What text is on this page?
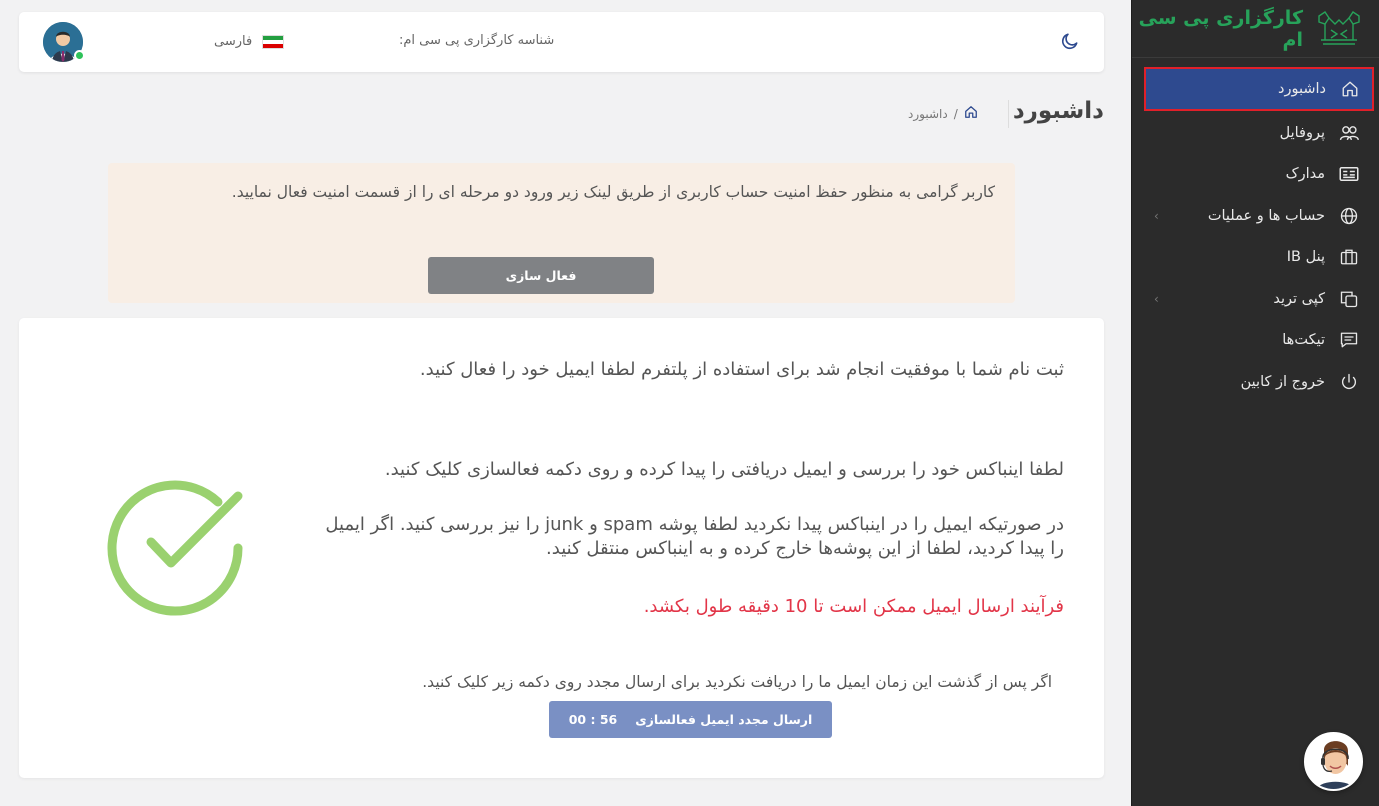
کارگزاری پی سی ام
داشبورد
پروفایل
مدارک
‹	حساب ها و عملیات
پنل IB
‹	کپی ترید
تیکت‌ها
خروج از کابین
فارسی	شناسه کارگزاری پی سی ام:
داشبورد
داشبورد /

کاربر گرامی به منظور حفظ امنیت حساب کاربری از طریق لینک زیر ورود دو مرحله ای را از قسمت امنیت فعال نمایید.

فعال سازی

ثبت نام شما با موفقیت انجام شد برای استفاده از پلتفرم لطفا ایمیل خود را فعال کنید.

لطفا اینباکس خود را بررسی و ایمیل دریافتی را پیدا کرده و روی دکمه فعالسازی کلیک کنید.

در صورتیکه ایمیل را در اینباکس پیدا نکردید لطفا پوشه spam و junk را نیز بررسی کنید. اگر ایمیل را پیدا کردید، لطفا از این پوشه‌ها خارج کرده و به اینباکس منتقل کنید.

فرآیند ارسال ایمیل ممکن است تا 10 دقیقه طول بکشد.

اگر پس از گذشت این زمان ایمیل ما را دریافت نکردید برای ارسال مجدد روی دکمه زیر کلیک کنید.

ارسال مجدد ایمیل فعالسازی
56 : 00
